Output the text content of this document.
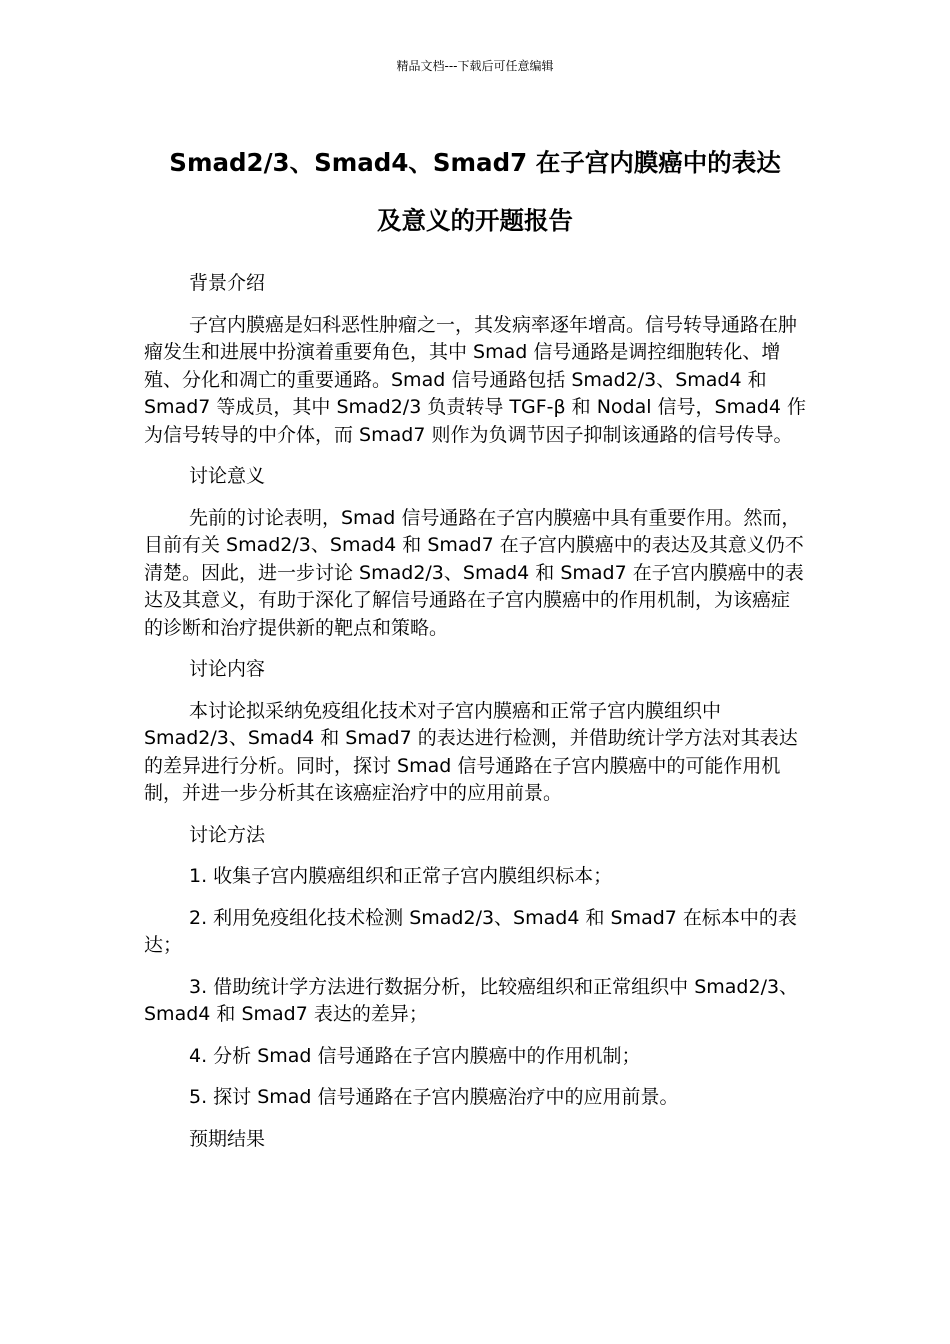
精品文档---下载后可任意编辑
Smad2/3、Smad4、Smad7 在子宫内膜癌中的表达
及意义的开题报告

背景介绍

子宫内膜癌是妇科恶性肿瘤之一，其发病率逐年增高。信号转导通路在肿瘤发生和进展中扮演着重要角色，其中 Smad 信号通路是调控细胞转化、增殖、分化和凋亡的重要通路。Smad 信号通路包括 Smad2/3、Smad4 和 Smad7 等成员，其中 Smad2/3 负责转导 TGF-β 和 Nodal 信号，Smad4 作为信号转导的中介体，而 Smad7 则作为负调节因子抑制该通路的信号传导。

讨论意义

先前的讨论表明，Smad 信号通路在子宫内膜癌中具有重要作用。然而，目前有关 Smad2/3、Smad4 和 Smad7 在子宫内膜癌中的表达及其意义仍不清楚。因此，进一步讨论 Smad2/3、Smad4 和 Smad7 在子宫内膜癌中的表达及其意义，有助于深化了解信号通路在子宫内膜癌中的作用机制，为该癌症的诊断和治疗提供新的靶点和策略。

讨论内容

本讨论拟采纳免疫组化技术对子宫内膜癌和正常子宫内膜组织中 Smad2/3、Smad4 和 Smad7 的表达进行检测，并借助统计学方法对其表达的差异进行分析。同时，探讨 Smad 信号通路在子宫内膜癌中的可能作用机制，并进一步分析其在该癌症治疗中的应用前景。

讨论方法

1. 收集子宫内膜癌组织和正常子宫内膜组织标本；

2. 利用免疫组化技术检测 Smad2/3、Smad4 和 Smad7 在标本中的表达；

3. 借助统计学方法进行数据分析，比较癌组织和正常组织中 Smad2/3、Smad4 和 Smad7 表达的差异；

4. 分析 Smad 信号通路在子宫内膜癌中的作用机制；

5. 探讨 Smad 信号通路在子宫内膜癌治疗中的应用前景。

预期结果
